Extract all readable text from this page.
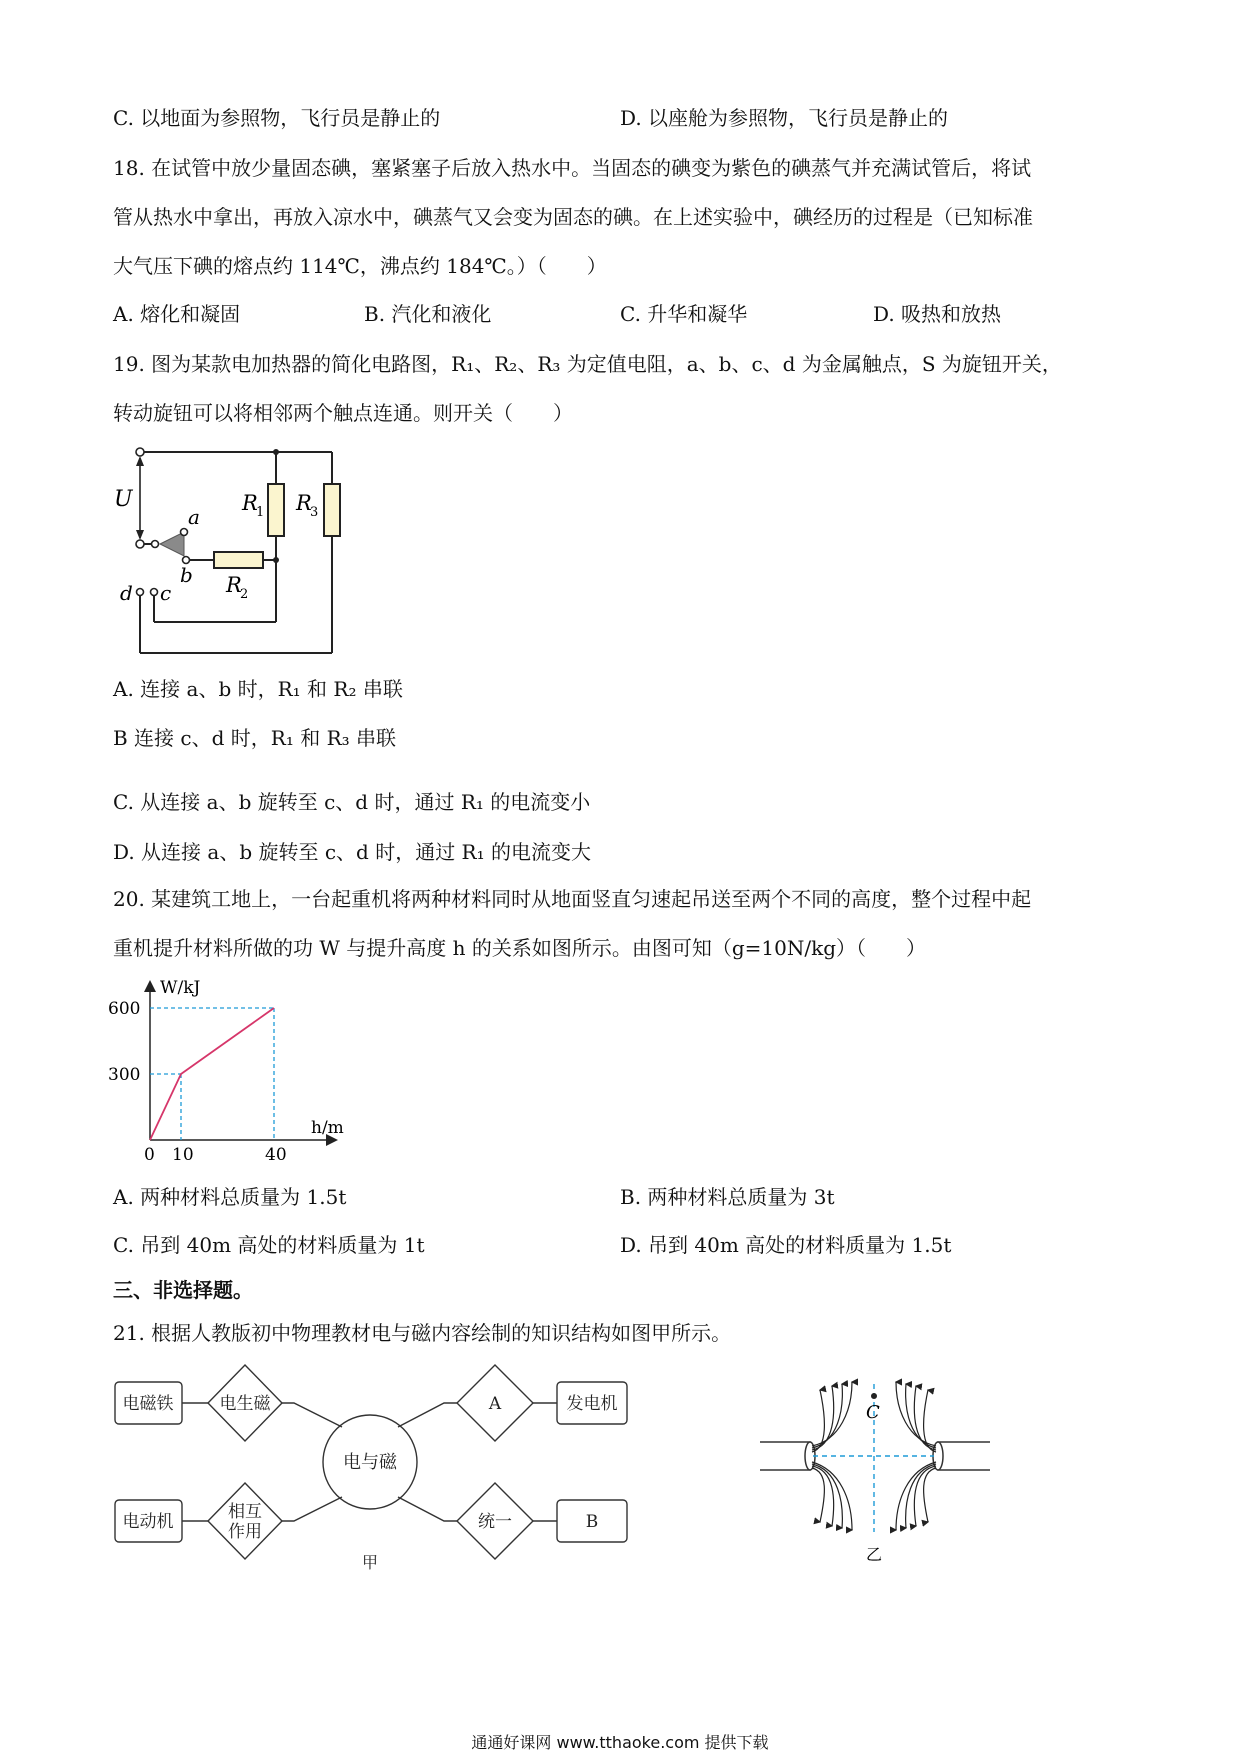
C. 以地面为参照物，飞行员是静止的	D. 以座舱为参照物，飞行员是静止的
18. 在试管中放少量固态碘，塞紧塞子后放入热水中。当固态的碘变为紫色的碘蒸气并充满试管后，将试
管从热水中拿出，再放入凉水中，碘蒸气又会变为固态的碘。在上述实验中，碘经历的过程是（已知标准
大气压下碘的熔点约 114℃，沸点约 184℃。）（　　）
A. 熔化和凝固	B. 汽化和液化	C. 升华和凝华	D. 吸热和放热
19. 图为某款电加热器的简化电路图，R₁、R₂、R₃ 为定值电阻，a、b、c、d 为金属触点，S 为旋钮开关，
转动旋钮可以将相邻两个触点连通。则开关（　　）
U	R
1 R
3
R
2
a
b
c
d
A. 连接 a、b 时，R₁ 和 R₂ 串联
B 连接 c、d 时，R₁ 和 R₃ 串联
C. 从连接 a、b 旋转至 c、d 时，通过 R₁ 的电流变小
D. 从连接 a、b 旋转至 c、d 时，通过 R₁ 的电流变大
20. 某建筑工地上，一台起重机将两种材料同时从地面竖直匀速起吊送至两个不同的高度，整个过程中起
重机提升材料所做的功 W 与提升高度 h 的关系如图所示。由图可知（g=10N/kg）（　　）
W/kJ
h/m
0 10	40
300
600
A. 两种材料总质量为 1.5t	B. 两种材料总质量为 3t
C. 吊到 40m 高处的材料质量为 1t	D. 吊到 40m 高处的材料质量为 1.5t
三、非选择题。
21. 根据人教版初中物理教材电与磁内容绘制的知识结构如图甲所示。
电磁铁	电生磁
电与磁
A	发电机
电动机	相互
作用	统一	B
甲
C
乙
通通好课网 www.tthaoke.com 提供下载
